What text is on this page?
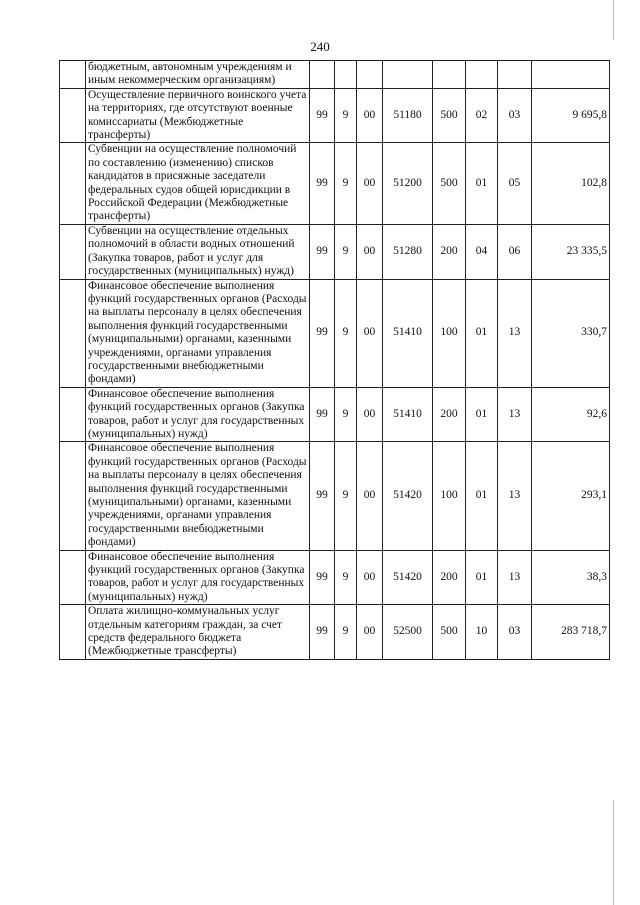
240
	бюджетным, автономным учреждениям и иным некоммерческим организациям)								
	Осуществление первичного воинского учета на территориях, где отсутствуют военные комиссариаты (Межбюджетные трансферты)	99	9	00	51180	500	02	03	9 695,8
	Субвенции на осуществление полномочий по составлению (изменению) списков кандидатов в присяжные заседатели федеральных судов общей юрисдикции в Российской Федерации (Межбюджетные трансферты)	99	9	00	51200	500	01	05	102,8
	Субвенции на осуществление отдельных полномочий в области водных отношений (Закупка товаров, работ и услуг для государственных (муниципальных) нужд)	99	9	00	51280	200	04	06	23 335,5
	Финансовое обеспечение выполнения функций государственных органов (Расходы на выплаты персоналу в целях обеспечения выполнения функций государственными (муниципальными) органами, казенными учреждениями, органами управления государственными внебюджетными фондами)	99	9	00	51410	100	01	13	330,7
	Финансовое обеспечение выполнения функций государственных органов (Закупка товаров, работ и услуг для государственных (муниципальных) нужд)	99	9	00	51410	200	01	13	92,6
	Финансовое обеспечение выполнения функций государственных органов (Расходы на выплаты персоналу в целях обеспечения выполнения функций государственными (муниципальными) органами, казенными учреждениями, органами управления государственными внебюджетными фондами)	99	9	00	51420	100	01	13	293,1
	Финансовое обеспечение выполнения функций государственных органов (Закупка товаров, работ и услуг для государственных (муниципальных) нужд)	99	9	00	51420	200	01	13	38,3
	Оплата жилищно-коммунальных услуг отдельным категориям граждан, за счет средств федерального бюджета (Межбюджетные трансферты)	99	9	00	52500	500	10	03	283 718,7
